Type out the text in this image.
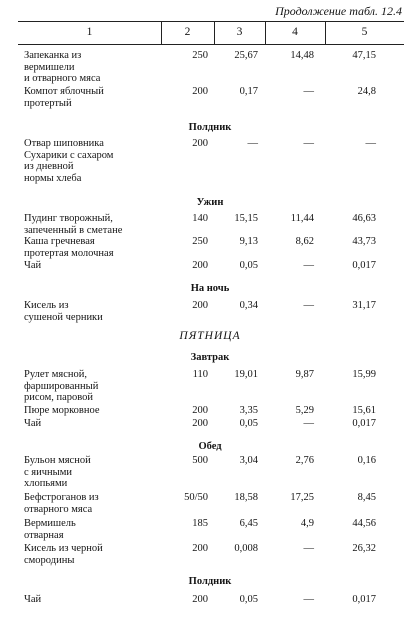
Продолжение табл. 12.4
1	2	3	4	5
Запеканка из
вермишели
и отварного мяса
250	25,67	14,48	47,15
Компот яблочный
протертый
200	0,17	—	24,8
Полдник
Отвар шиповника
Сухарики с сахаром
из дневной
нормы хлеба
200	—	—	—
Ужин
Пудинг творожный,
запеченный в сметане
140	15,15	11,44	46,63
Каша гречневая
протертая молочная
250	9,13	8,62	43,73
Чай	200	0,05	—	0,017
На ночь
Кисель из
сушеной черники
200	0,34	—	31,17
ПЯТНИЦА
Завтрак
Рулет мясной,
фаршированный
рисом, паровой
110	19,01	9,87	15,99
Пюре морковное	200	3,35	5,29	15,61
Чай	200	0,05	—	0,017
Обед
Бульон мясной
с яичными
хлопьями
500	3,04	2,76	0,16
Бефстроганов из
отварного мяса
50/50	18,58	17,25	8,45
Вермишель
отварная
185	6,45	4,9	44,56
Кисель из черной
смородины
200	0,008	—	26,32
Полдник
Чай	200	0,05	—	0,017
